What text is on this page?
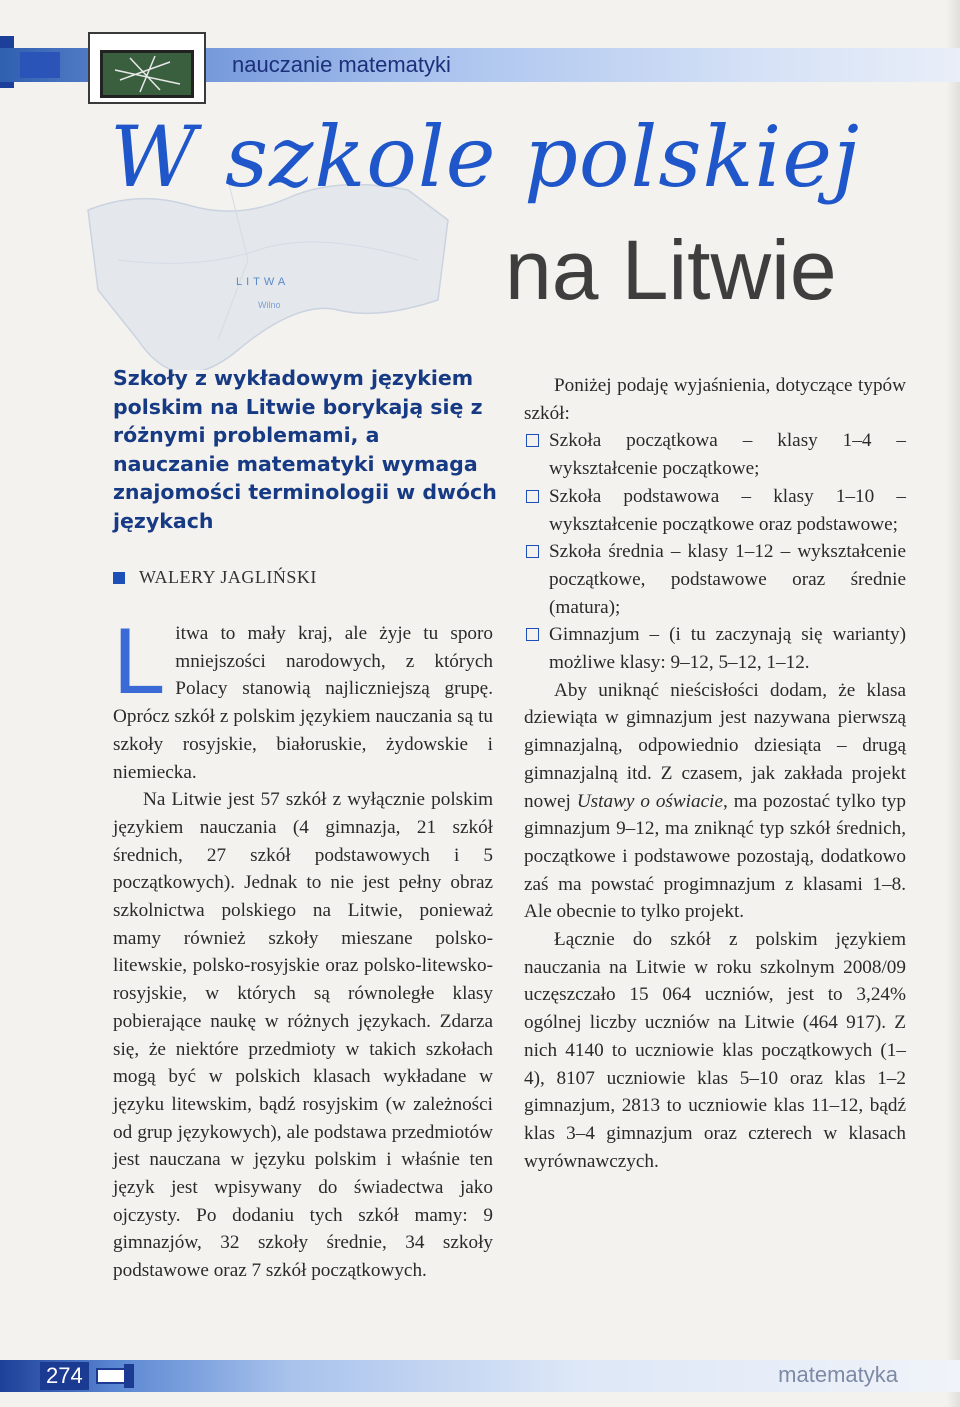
nauczanie matematyki
LITWA
Wilno
W szkole polskiej
na Litwie
Szkoły z wykładowym językiem polskim na Litwie borykają się z różnymi problemami, a nauczanie matematyki wymaga znajomości terminologii w dwóch językach
WALERY JAGLIŃSKI

Litwa to mały kraj, ale żyje tu sporo mniejszości narodowych, z których Polacy stanowią najliczniejszą grupę. Oprócz szkół z polskim językiem nauczania są tu szkoły rosyjskie, białoruskie, żydowskie i niemiecka.

Na Litwie jest 57 szkół z wyłącznie polskim językiem nauczania (4 gimnazja, 21 szkół średnich, 27 szkół podstawowych i 5 początkowych). Jednak to nie jest pełny obraz szkolnictwa polskiego na Litwie, ponieważ mamy również szkoły mieszane polsko-litewskie, polsko-rosyjskie oraz polsko-litewsko-rosyjskie, w których są równoległe klasy pobierające naukę w różnych językach. Zdarza się, że niektóre przedmioty w takich szkołach mogą być w polskich klasach wykładane w języku litewskim, bądź rosyjskim (w zależności od grup językowych), ale podstawa przedmiotów jest nauczana w języku polskim i właśnie ten język jest wpisywany do świadectwa jako ojczysty. Po dodaniu tych szkół mamy: 9 gimnazjów, 32 szkoły średnie, 34 szkoły podstawowe oraz 7 szkół początkowych.

Poniżej podaję wyjaśnienia, dotyczące typów szkół:

Szkoła początkowa – klasy 1–4 – wykształcenie początkowe;
Szkoła podstawowa – klasy 1–10 – wykształcenie początkowe oraz podstawowe;
Szkoła średnia – klasy 1–12 – wykształcenie początkowe, podstawowe oraz średnie (matura);
Gimnazjum – (i tu zaczynają się warianty) możliwe klasy: 9–12, 5–12, 1–12.

Aby uniknąć nieścisłości dodam, że klasa dziewiąta w gimnazjum jest nazywana pierwszą gimnazjalną, odpowiednio dziesiąta – drugą gimnazjalną itd. Z czasem, jak zakłada projekt nowej Ustawy o oświacie, ma pozostać tylko typ gimnazjum 9–12, ma zniknąć typ szkół średnich, początkowe i podstawowe pozostają, dodatkowo zaś ma powstać progimnazjum z klasami 1–8. Ale obecnie to tylko projekt.

Łącznie do szkół z polskim językiem nauczania na Litwie w roku szkolnym 2008/09 uczęszczało 15 064 uczniów, jest to 3,24% ogólnej liczby uczniów na Litwie (464 917). Z nich 4140 to uczniowie klas początkowych (1–4), 8107 uczniowie klas 5–10 oraz klas 1–2 gimnazjum, 2813 to uczniowie klas 11–12, bądź klas 3–4 gimnazjum oraz czterech w klasach wyrównawczych.

274	matematyka
